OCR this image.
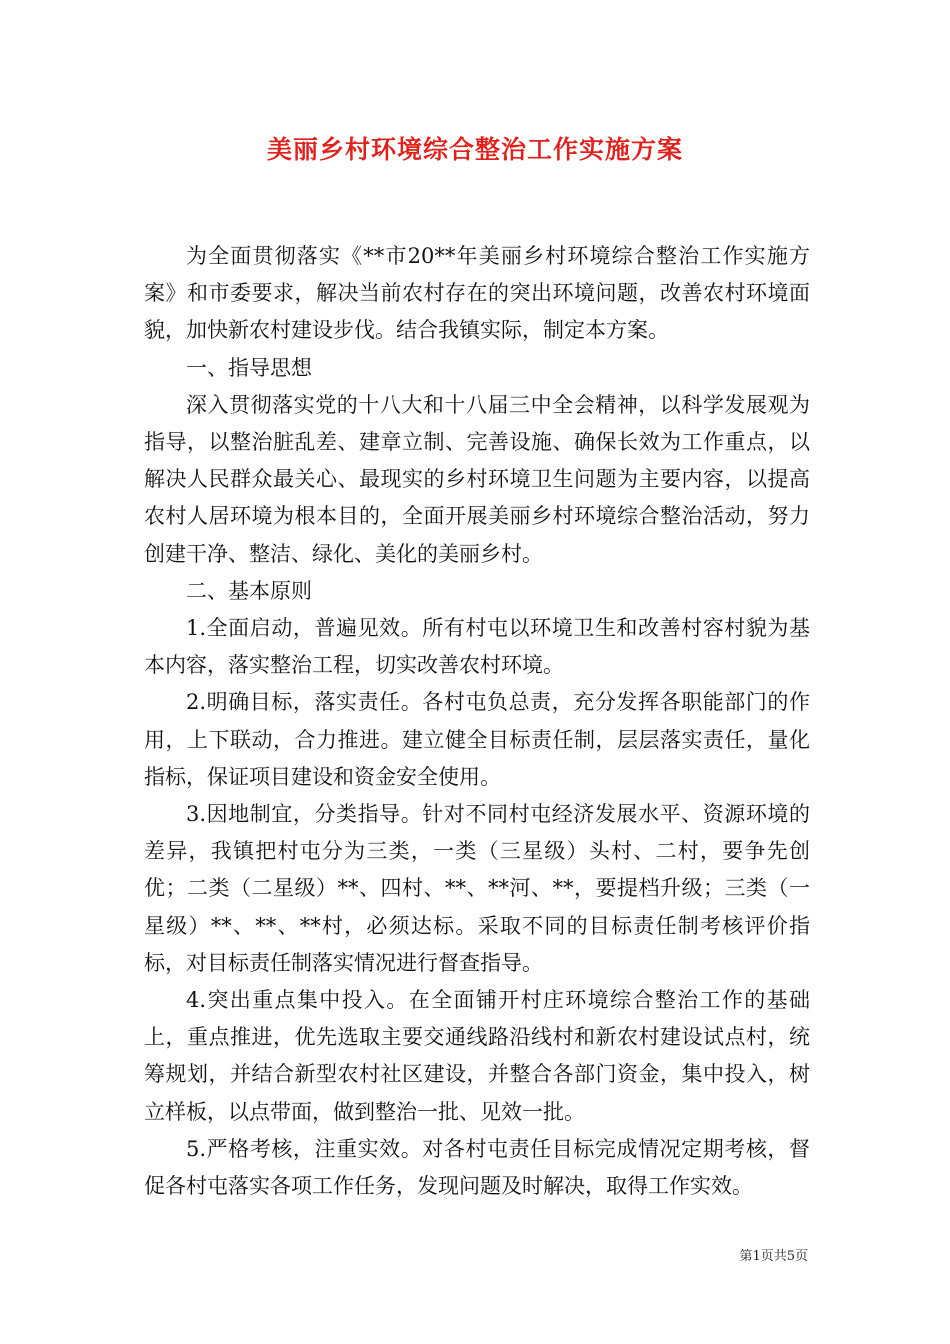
美丽乡村环境综合整治工作实施方案

为全面贯彻落实《**市20**年美丽乡村环境综合整治工作实施方案》和市委要求，解决当前农村存在的突出环境问题，改善农村环境面貌，加快新农村建设步伐。结合我镇实际，制定本方案。

一、指导思想

深入贯彻落实党的十八大和十八届三中全会精神，以科学发展观为指导，以整治脏乱差、建章立制、完善设施、确保长效为工作重点，以解决人民群众最关心、最现实的乡村环境卫生问题为主要内容，以提高农村人居环境为根本目的，全面开展美丽乡村环境综合整治活动，努力创建干净、整洁、绿化、美化的美丽乡村。

二、基本原则

1.全面启动，普遍见效。所有村屯以环境卫生和改善村容村貌为基本内容，落实整治工程，切实改善农村环境。

2.明确目标，落实责任。各村屯负总责，充分发挥各职能部门的作用，上下联动，合力推进。建立健全目标责任制，层层落实责任，量化指标，保证项目建设和资金安全使用。

3.因地制宜，分类指导。针对不同村屯经济发展水平、资源环境的差异，我镇把村屯分为三类，一类（三星级）头村、二村，要争先创优；二类（二星级）**、四村、**、**河、**，要提档升级；三类（一星级）**、**、**村，必须达标。采取不同的目标责任制考核评价指标，对目标责任制落实情况进行督查指导。

4.突出重点集中投入。在全面铺开村庄环境综合整治工作的基础上，重点推进，优先选取主要交通线路沿线村和新农村建设试点村，统筹规划，并结合新型农村社区建设，并整合各部门资金，集中投入，树立样板，以点带面，做到整治一批、见效一批。

5.严格考核，注重实效。对各村屯责任目标完成情况定期考核，督促各村屯落实各项工作任务，发现问题及时解决，取得工作实效。

第1页共5页
